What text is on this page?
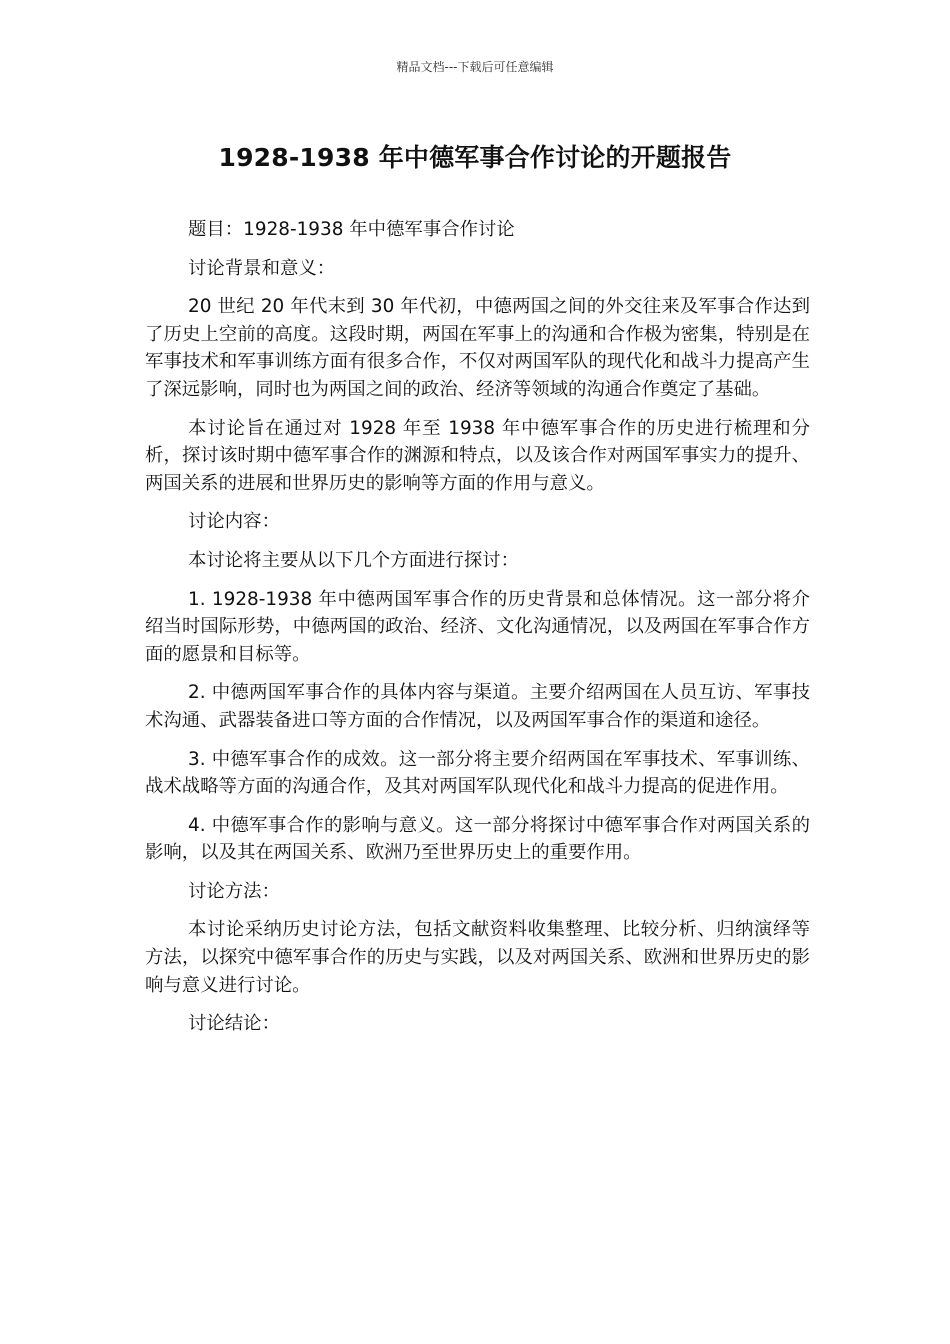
精品文档---下载后可任意编辑
1928-1938 年中德军事合作讨论的开题报告

题目：1928-1938 年中德军事合作讨论

讨论背景和意义：

20 世纪 20 年代末到 30 年代初，中德两国之间的外交往来及军事合作达到了历史上空前的高度。这段时期，两国在军事上的沟通和合作极为密集，特别是在军事技术和军事训练方面有很多合作，不仅对两国军队的现代化和战斗力提高产生了深远影响，同时也为两国之间的政治、经济等领域的沟通合作奠定了基础。

本讨论旨在通过对 1928 年至 1938 年中德军事合作的历史进行梳理和分析，探讨该时期中德军事合作的渊源和特点，以及该合作对两国军事实力的提升、两国关系的进展和世界历史的影响等方面的作用与意义。

讨论内容：

本讨论将主要从以下几个方面进行探讨：

1. 1928-1938 年中德两国军事合作的历史背景和总体情况。这一部分将介绍当时国际形势，中德两国的政治、经济、文化沟通情况，以及两国在军事合作方面的愿景和目标等。

2. 中德两国军事合作的具体内容与渠道。主要介绍两国在人员互访、军事技术沟通、武器装备进口等方面的合作情况，以及两国军事合作的渠道和途径。

3. 中德军事合作的成效。这一部分将主要介绍两国在军事技术、军事训练、战术战略等方面的沟通合作，及其对两国军队现代化和战斗力提高的促进作用。

4. 中德军事合作的影响与意义。这一部分将探讨中德军事合作对两国关系的影响，以及其在两国关系、欧洲乃至世界历史上的重要作用。

讨论方法：

本讨论采纳历史讨论方法，包括文献资料收集整理、比较分析、归纳演绎等方法，以探究中德军事合作的历史与实践，以及对两国关系、欧洲和世界历史的影响与意义进行讨论。

讨论结论：
